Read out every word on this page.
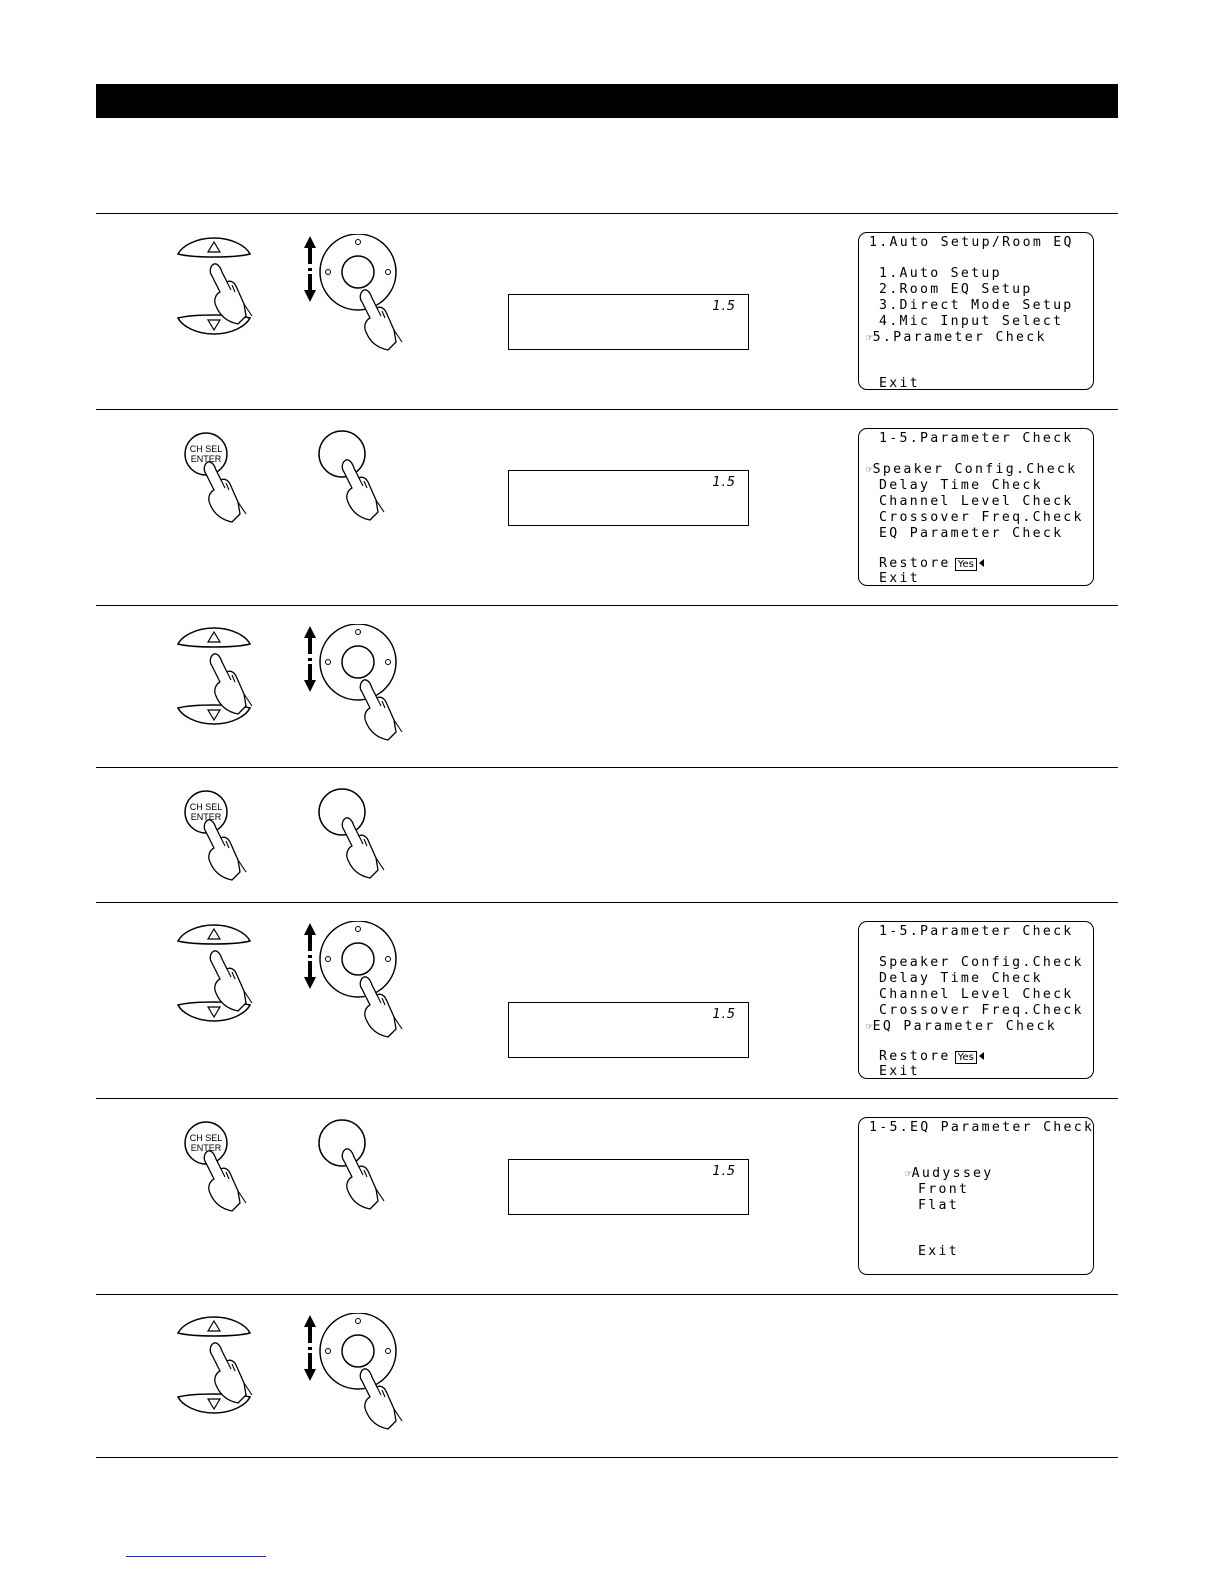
1.5
1.Auto Setup/Room EQ
1.Auto Setup
2.Room EQ Setup
3.Direct Mode Setup
4.Mic Input Select
☞5.Parameter Check
Exit
CH SEL
ENTER
1.5
1-5.Parameter Check
☞Speaker Config.Check
Delay Time Check
Channel Level Check
Crossover Freq.Check
EQ Parameter Check
Restore Yes
Exit
CH SEL
ENTER
1.5
1-5.Parameter Check
Speaker Config.Check
Delay Time Check
Channel Level Check
Crossover Freq.Check
☞EQ Parameter Check
Restore Yes
Exit
CH SEL
ENTER
1.5
1-5.EQ Parameter Check
☞Audyssey
Front
Flat
Exit
